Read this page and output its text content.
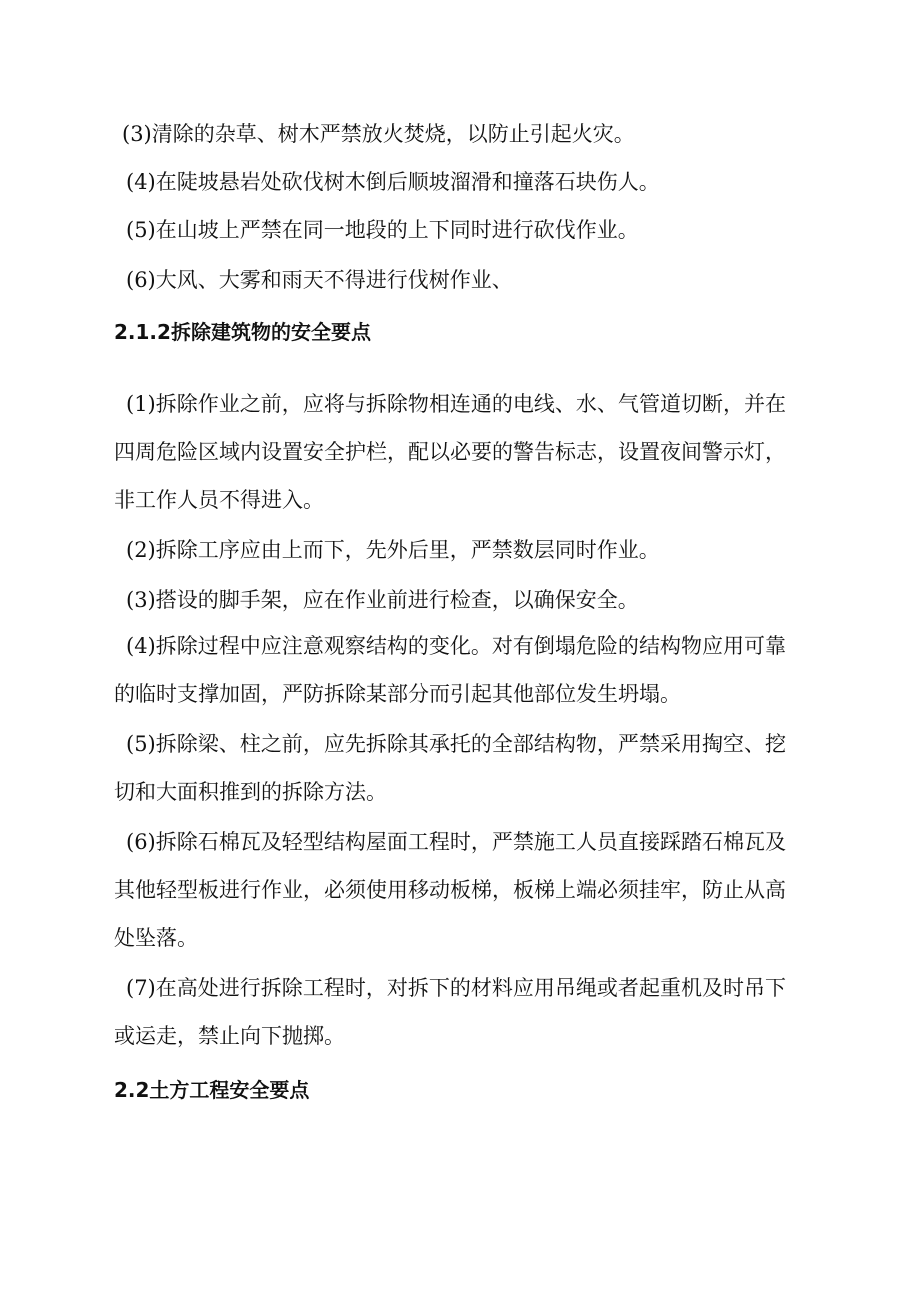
(3)清除的杂草、树木严禁放火焚烧，以防止引起火灾。

(4)在陡坡悬岩处砍伐树木倒后顺坡溜滑和撞落石块伤人。

(5)在山坡上严禁在同一地段的上下同时进行砍伐作业。

(6)大风、大雾和雨天不得进行伐树作业、

2.1.2拆除建筑物的安全要点

(1)拆除作业之前，应将与拆除物相连通的电线、水、气管道切断，并在四周危险区域内设置安全护栏，配以必要的警告标志，设置夜间警示灯，非工作人员不得进入。

(2)拆除工序应由上而下，先外后里，严禁数层同时作业。

(3)搭设的脚手架，应在作业前进行检查，以确保安全。

(4)拆除过程中应注意观察结构的变化。对有倒塌危险的结构物应用可靠的临时支撑加固，严防拆除某部分而引起其他部位发生坍塌。

(5)拆除梁、柱之前，应先拆除其承托的全部结构物，严禁采用掏空、挖切和大面积推到的拆除方法。

(6)拆除石棉瓦及轻型结构屋面工程时，严禁施工人员直接踩踏石棉瓦及其他轻型板进行作业，必须使用移动板梯，板梯上端必须挂牢，防止从高处坠落。

(7)在高处进行拆除工程时，对拆下的材料应用吊绳或者起重机及时吊下或运走，禁止向下抛掷。

2.2土方工程安全要点
